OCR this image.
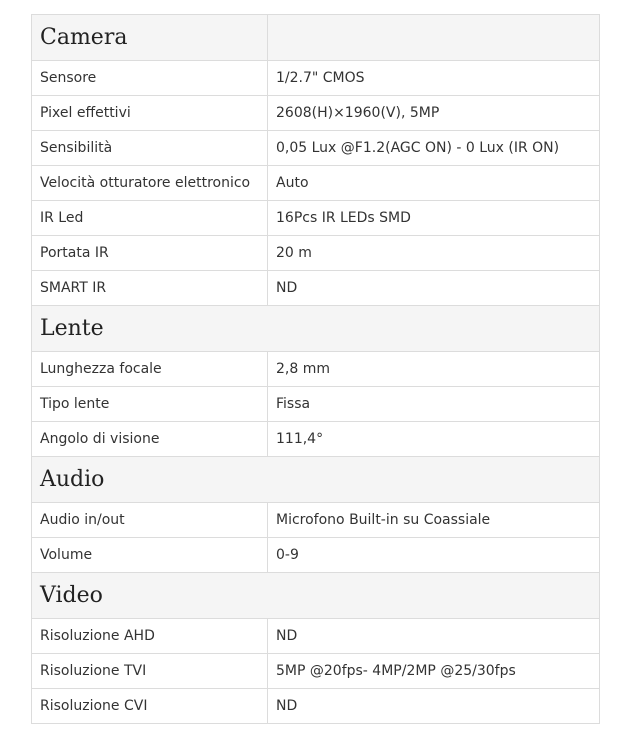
Camera	
Sensore	1/2.7" CMOS
Pixel effettivi	2608(H)×1960(V), 5MP
Sensibilità	0,05 Lux @F1.2(AGC ON) - 0 Lux (IR ON)
Velocità otturatore elettronico	Auto
IR Led	16Pcs IR LEDs SMD
Portata IR	20 m
SMART IR	ND
Lente	
Lunghezza focale	2,8 mm
Tipo lente	Fissa
Angolo di visione	111,4°
Audio	
Audio in/out	Microfono Built-in su Coassiale
Volume	0-9
Video	
Risoluzione AHD	ND
Risoluzione TVI	5MP @20fps- 4MP/2MP @25/30fps
Risoluzione CVI	ND
